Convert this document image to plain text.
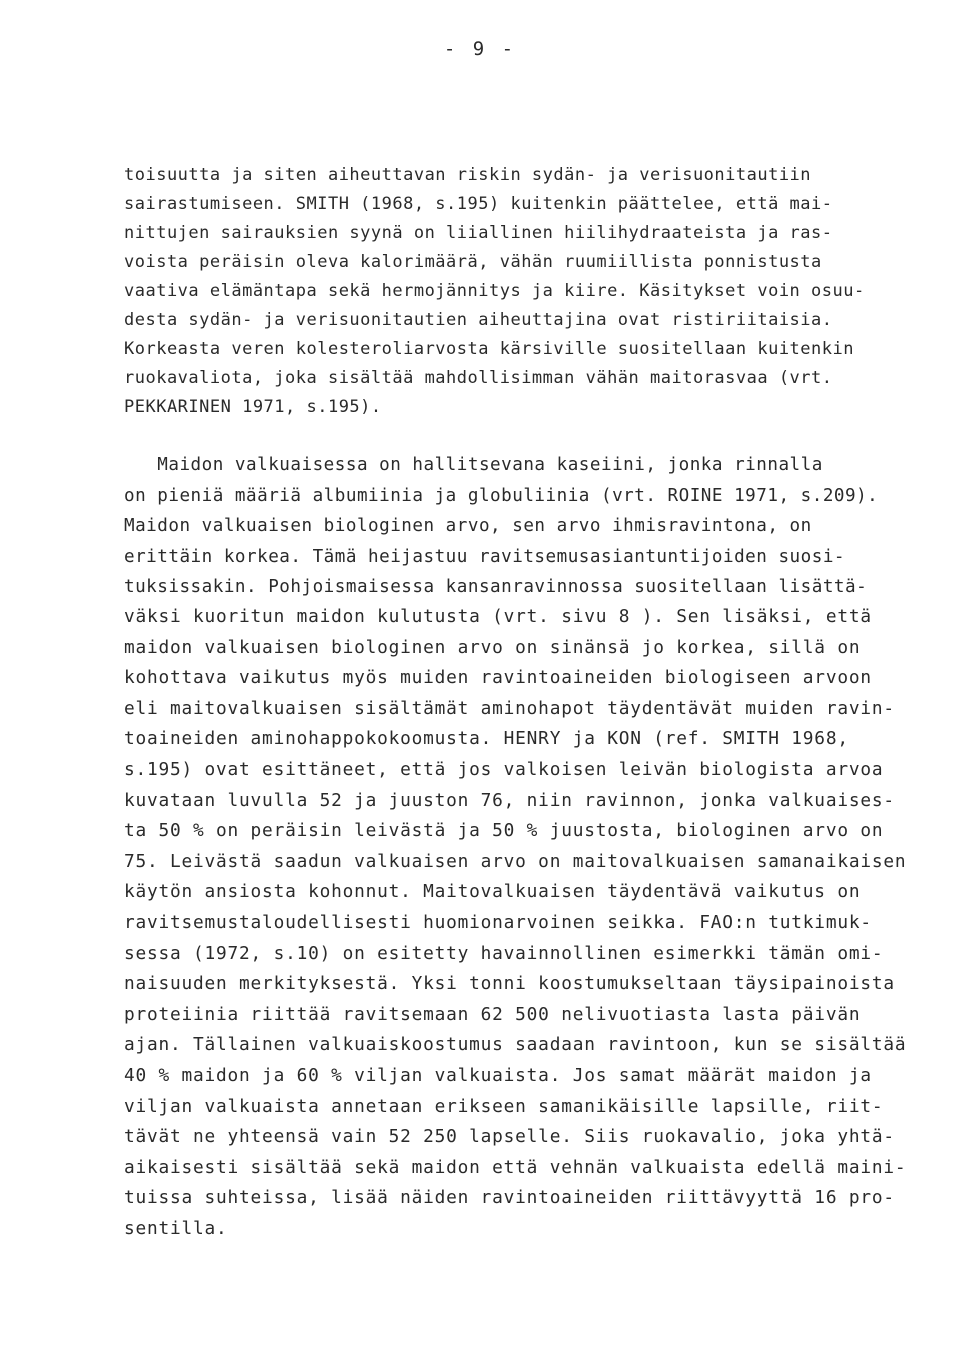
- 9 -
toisuutta ja siten aiheuttavan riskin sydän- ja verisuonitautiin
sairastumiseen. SMITH (1968, s.195) kuitenkin päättelee, että mai-
nittujen sairauksien syynä on liiallinen hiilihydraateista ja ras-
voista peräisin oleva kalorimäärä, vähän ruumiillista ponnistusta
vaativa elämäntapa sekä hermojännitys ja kiire. Käsitykset voin osuu-
desta sydän- ja verisuonitautien aiheuttajina ovat ristiriitaisia.
Korkeasta veren kolesteroliarvosta kärsiville suositellaan kuitenkin
ruokavaliota, joka sisältää mahdollisimman vähän maitorasvaa (vrt.
PEKKARINEN 1971, s.195).
Maidon valkuaisessa on hallitsevana kaseiini, jonka rinnalla
on pieniä määriä albumiinia ja globuliinia (vrt. ROINE 1971, s.209).
Maidon valkuaisen biologinen arvo, sen arvo ihmisravintona, on
erittäin korkea. Tämä heijastuu ravitsemusasiantuntijoiden suosi-
tuksissakin. Pohjoismaisessa kansanravinnossa suositellaan lisättä-
väksi kuoritun maidon kulutusta (vrt. sivu 8 ). Sen lisäksi, että
maidon valkuaisen biologinen arvo on sinänsä jo korkea, sillä on
kohottava vaikutus myös muiden ravintoaineiden biologiseen arvoon
eli maitovalkuaisen sisältämät aminohapot täydentävät muiden ravin-
toaineiden aminohappokokoomusta. HENRY ja KON (ref. SMITH 1968,
s.195) ovat esittäneet, että jos valkoisen leivän biologista arvoa
kuvataan luvulla 52 ja juuston 76, niin ravinnon, jonka valkuaises-
ta 50 % on peräisin leivästä ja 50 % juustosta, biologinen arvo on
75. Leivästä saadun valkuaisen arvo on maitovalkuaisen samanaikaisen
käytön ansiosta kohonnut. Maitovalkuaisen täydentävä vaikutus on
ravitsemustaloudellisesti huomionarvoinen seikka. FAO:n tutkimuk-
sessa (1972, s.10) on esitetty havainnollinen esimerkki tämän omi-
naisuuden merkityksestä. Yksi tonni koostumukseltaan täysipainoista
proteiinia riittää ravitsemaan 62 500 nelivuotiasta lasta päivän
ajan. Tällainen valkuaiskoostumus saadaan ravintoon, kun se sisältää
40 % maidon ja 60 % viljan valkuaista. Jos samat määrät maidon ja
viljan valkuaista annetaan erikseen samanikäisille lapsille, riit-
tävät ne yhteensä vain 52 250 lapselle. Siis ruokavalio, joka yhtä-
aikaisesti sisältää sekä maidon että vehnän valkuaista edellä maini-
tuissa suhteissa, lisää näiden ravintoaineiden riittävyyttä 16 pro-
sentilla.
